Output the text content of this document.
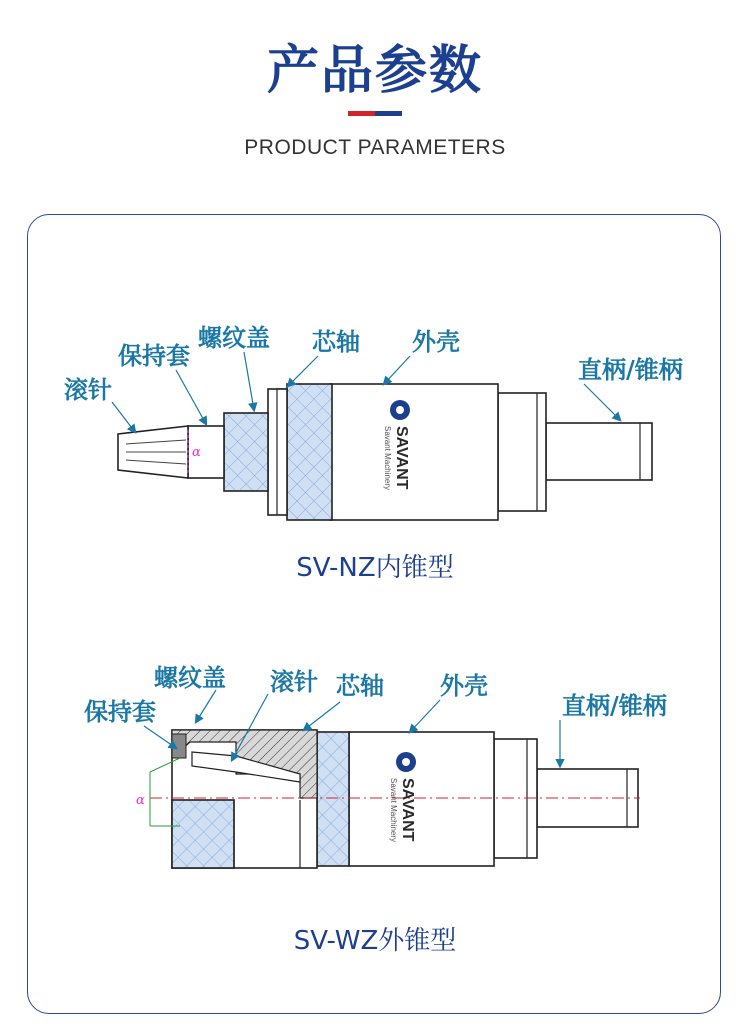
产品参数
PRODUCT PARAMETERS
α	SAVANT
Savant Machinery
滚针
保持套
螺纹盖 芯轴 外壳
直柄/锥柄
α	SAVANT
Savant Machinery
螺纹盖
保持套
滚针 芯轴 外壳
直柄/锥柄
SV-NZ内锥型
SV-WZ外锥型
